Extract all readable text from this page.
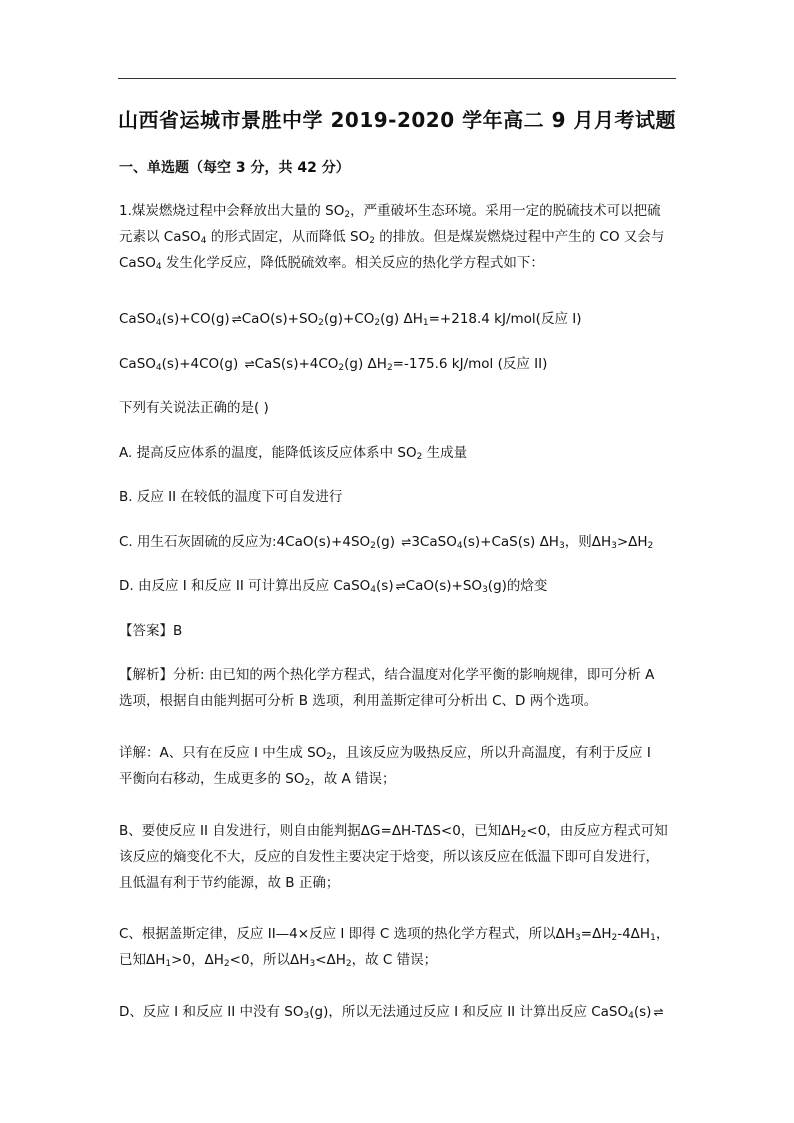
山西省运城市景胜中学 2019-2020 学年高二 9 月月考试题
一、单选题（每空 3 分，共 42 分）
1.煤炭燃烧过程中会释放出大量的 $SO_2$，严重破坏生态环境。采用一定的脱硫技术可以把硫
元素以 CaSO$_4$ 的形式固定，从而降低 $SO_2$ 的排放。但是煤炭燃烧过程中产生的 CO 又会与
CaSO$_4$ 发生化学反应，降低脱硫效率。相关反应的热化学方程式如下：
CaSO$_4$(s)+CO(g) ⇌ $CaO(s)+SO_2(g)+CO_2(g)$ $\Delta H_1=+218.4$ kJ/mol(反应 I)
CaSO$_4$(s)+4CO(g) ⇌ $CaS(s)+4CO_2(g)$ $\Delta H_2=-175.6$ kJ/mol (反应 II)
下列有关说法正确的是( )
A. 提高反应体系的温度，能降低该反应体系中 $SO_2$ 生成量
B. 反应 II 在较低的温度下可自发进行
C. 用生石灰固硫的反应为$:4CaO(s)+4SO_2(g)$ ⇌ 3CaSO$_4$(s)+CaS(s) $\Delta H_3$，则$\Delta H_3>\Delta H_2$
D. 由反应 I 和反应 II 可计算出反应 CaSO$_4$(s) ⇌ $CaO(s)+SO_3(g)$的焓变
【答案】B
【解析】分析: 由已知的两个热化学方程式，结合温度对化学平衡的影响规律，即可分析 A
选项，根据自由能判据可分析 B 选项，利用盖斯定律可分析出 C、D 两个选项。
详解：A、只有在反应 I 中生成 $SO_2$，且该反应为吸热反应，所以升高温度，有利于反应 I
平衡向右移动，生成更多的 $SO_2$，故 A 错误；
B、要使反应 II 自发进行，则自由能判据ΔG=ΔH-TΔS<0，已知$\Delta H_2<0$，由反应方程式可知
该反应的熵变化不大，反应的自发性主要决定于焓变，所以该反应在低温下即可自发进行，
且低温有利于节约能源，故 B 正确；
C、根据盖斯定律，反应 II—4×反应 I 即得 C 选项的热化学方程式，所以$\Delta H_3=\Delta H_2-4\Delta H_1$，
已知$\Delta H_1>0$，$\Delta H_2<0$，所以$\Delta H_3<\Delta H_2$，故 C 错误；
D、反应 I 和反应 II 中没有 $SO_3(g)$，所以无法通过反应 I 和反应 II 计算出反应 CaSO$_4$(s) ⇌
